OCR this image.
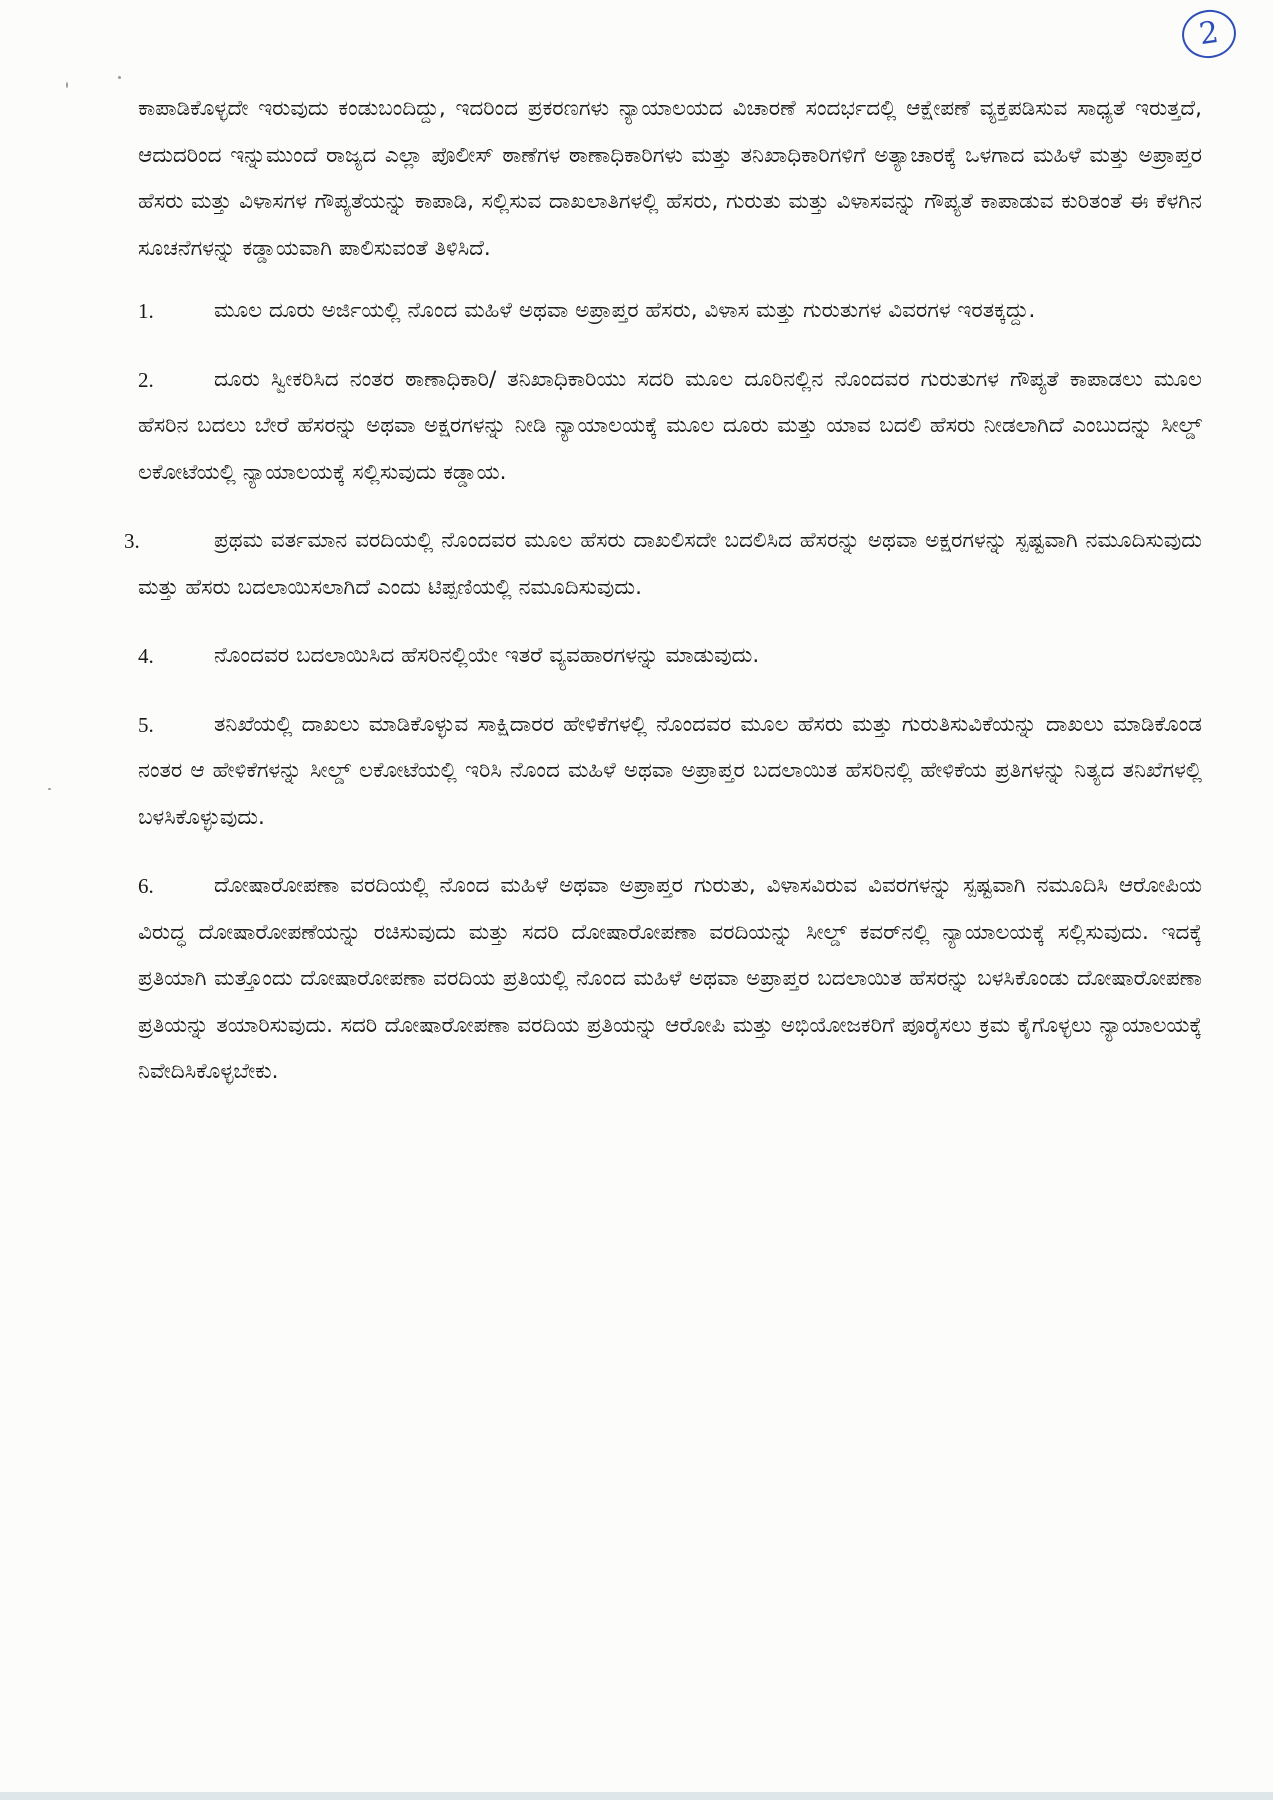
2

ಕಾಪಾಡಿಕೊಳ್ಳದೇ ಇರುವುದು ಕಂಡುಬಂದಿದ್ದು, ಇದರಿಂದ ಪ್ರಕರಣಗಳು ನ್ಯಾಯಾಲಯದ ವಿಚಾರಣೆ ಸಂದರ್ಭದಲ್ಲಿ ಆಕ್ಷೇಪಣೆ ವ್ಯಕ್ತಪಡಿಸುವ ಸಾಧ್ಯತೆ ಇರುತ್ತದೆ, ಆದುದರಿಂದ ಇನ್ನುಮುಂದೆ ರಾಜ್ಯದ ಎಲ್ಲಾ ಪೊಲೀಸ್ ಠಾಣೆಗಳ ಠಾಣಾಧಿಕಾರಿಗಳು ಮತ್ತು ತನಿಖಾಧಿಕಾರಿಗಳಿಗೆ ಅತ್ಯಾಚಾರಕ್ಕೆ ಒಳಗಾದ ಮಹಿಳೆ ಮತ್ತು ಅಪ್ರಾಪ್ತರ ಹೆಸರು ಮತ್ತು ವಿಳಾಸಗಳ ಗೌಪ್ಯತೆಯನ್ನು ಕಾಪಾಡಿ, ಸಲ್ಲಿಸುವ ದಾಖಲಾತಿಗಳಲ್ಲಿ ಹೆಸರು, ಗುರುತು ಮತ್ತು ವಿಳಾಸವನ್ನು ಗೌಪ್ಯತೆ ಕಾಪಾಡುವ ಕುರಿತಂತೆ ಈ ಕೆಳಗಿನ ಸೂಚನೆಗಳನ್ನು ಕಡ್ಡಾಯವಾಗಿ ಪಾಲಿಸುವಂತೆ ತಿಳಿಸಿದೆ.

1.	ಮೂಲ ದೂರು ಅರ್ಜಿಯಲ್ಲಿ ನೊಂದ ಮಹಿಳೆ ಅಥವಾ ಅಪ್ರಾಪ್ತರ ಹೆಸರು, ವಿಳಾಸ ಮತ್ತು ಗುರುತುಗಳ ವಿವರಗಳ ಇರತಕ್ಕದ್ದು.
2.	ದೂರು ಸ್ವೀಕರಿಸಿದ ನಂತರ ಠಾಣಾಧಿಕಾರಿ/ ತನಿಖಾಧಿಕಾರಿಯು ಸದರಿ ಮೂಲ ದೂರಿನಲ್ಲಿನ ನೊಂದವರ ಗುರುತುಗಳ ಗೌಪ್ಯತೆ ಕಾಪಾಡಲು ಮೂಲ ಹೆಸರಿನ ಬದಲು ಬೇರೆ ಹೆಸರನ್ನು ಅಥವಾ ಅಕ್ಷರಗಳನ್ನು ನೀಡಿ ನ್ಯಾಯಾಲಯಕ್ಕೆ ಮೂಲ ದೂರು ಮತ್ತು ಯಾವ ಬದಲಿ ಹೆಸರು ನೀಡಲಾಗಿದೆ ಎಂಬುದನ್ನು ಸೀಲ್ಡ್ ಲಕೋಟೆಯಲ್ಲಿ ನ್ಯಾಯಾಲಯಕ್ಕೆ ಸಲ್ಲಿಸುವುದು ಕಡ್ಡಾಯ.
3.	ಪ್ರಥಮ ವರ್ತಮಾನ ವರದಿಯಲ್ಲಿ ನೊಂದವರ ಮೂಲ ಹೆಸರು ದಾಖಲಿಸದೇ ಬದಲಿಸಿದ ಹೆಸರನ್ನು ಅಥವಾ ಅಕ್ಷರಗಳನ್ನು ಸ್ಪಷ್ಟವಾಗಿ ನಮೂದಿಸುವುದು ಮತ್ತು ಹೆಸರು ಬದಲಾಯಿಸಲಾಗಿದೆ ಎಂದು ಟಿಪ್ಪಣಿಯಲ್ಲಿ ನಮೂದಿಸುವುದು.
4.	ನೊಂದವರ ಬದಲಾಯಿಸಿದ ಹೆಸರಿನಲ್ಲಿಯೇ ಇತರೆ ವ್ಯವಹಾರಗಳನ್ನು ಮಾಡುವುದು.
5.	ತನಿಖೆಯಲ್ಲಿ ದಾಖಲು ಮಾಡಿಕೊಳ್ಳುವ ಸಾಕ್ಷಿದಾರರ ಹೇಳಿಕೆಗಳಲ್ಲಿ ನೊಂದವರ ಮೂಲ ಹೆಸರು ಮತ್ತು ಗುರುತಿಸುವಿಕೆಯನ್ನು ದಾಖಲು ಮಾಡಿಕೊಂಡ ನಂತರ ಆ ಹೇಳಿಕೆಗಳನ್ನು ಸೀಲ್ಡ್ ಲಕೋಟೆಯಲ್ಲಿ ಇರಿಸಿ ನೊಂದ ಮಹಿಳೆ ಅಥವಾ ಅಪ್ರಾಪ್ತರ ಬದಲಾಯಿತ ಹೆಸರಿನಲ್ಲಿ ಹೇಳಿಕೆಯ ಪ್ರತಿಗಳನ್ನು ನಿತ್ಯದ ತನಿಖೆಗಳಲ್ಲಿ ಬಳಸಿಕೊಳ್ಳುವುದು.
6.	ದೋಷಾರೋಪಣಾ ವರದಿಯಲ್ಲಿ ನೊಂದ ಮಹಿಳೆ ಅಥವಾ ಅಪ್ರಾಪ್ತರ ಗುರುತು, ವಿಳಾಸವಿರುವ ವಿವರಗಳನ್ನು ಸ್ಪಷ್ಟವಾಗಿ ನಮೂದಿಸಿ ಆರೋಪಿಯ ವಿರುದ್ಧ ದೋಷಾರೋಪಣೆಯನ್ನು ರಚಿಸುವುದು ಮತ್ತು ಸದರಿ ದೋಷಾರೋಪಣಾ ವರದಿಯನ್ನು ಸೀಲ್ಡ್ ಕವರ್‌ನಲ್ಲಿ ನ್ಯಾಯಾಲಯಕ್ಕೆ ಸಲ್ಲಿಸುವುದು. ಇದಕ್ಕೆ ಪ್ರತಿಯಾಗಿ ಮತ್ತೊಂದು ದೋಷಾರೋಪಣಾ ವರದಿಯ ಪ್ರತಿಯಲ್ಲಿ ನೊಂದ ಮಹಿಳೆ ಅಥವಾ ಅಪ್ರಾಪ್ತರ ಬದಲಾಯಿತ ಹೆಸರನ್ನು ಬಳಸಿಕೊಂಡು ದೋಷಾರೋಪಣಾ ಪ್ರತಿಯನ್ನು ತಯಾರಿಸುವುದು. ಸದರಿ ದೋಷಾರೋಪಣಾ ವರದಿಯ ಪ್ರತಿಯನ್ನು ಆರೋಪಿ ಮತ್ತು ಅಭಿಯೋಜಕರಿಗೆ ಪೂರೈಸಲು ಕ್ರಮ ಕೈಗೊಳ್ಳಲು ನ್ಯಾಯಾಲಯಕ್ಕೆ ನಿವೇದಿಸಿಕೊಳ್ಳಬೇಕು.
